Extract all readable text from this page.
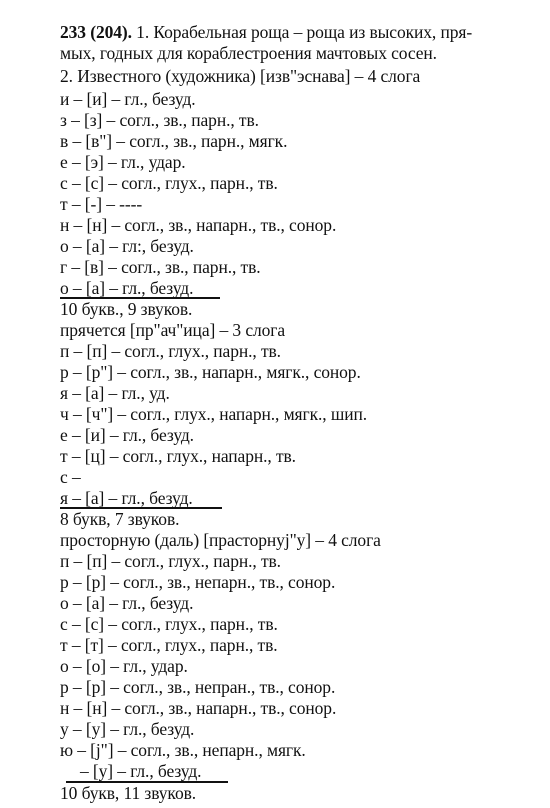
233 (204). 1. Корабельная роща – роща из высоких, пря-
мых, годных для кораблестроения мачтовых сосен.
2. Известного (художника) [изв"эснава] – 4 слога
и – [и] – гл., безуд.
з – [з] – согл., зв., парн., тв.
в – [в"] – согл., зв., парн., мягк.
е – [э] – гл., удар.
с – [с] – согл., глух., парн., тв.
т – [-] – ----
н – [н] – согл., зв., напарн., тв., сонор.
о – [а] – гл:, безуд.
г – [в] – согл., зв., парн., тв.
о – [а] – гл., безуд.
10 букв., 9 звуков.
прячется [пр"ач"ица] – 3 слога
п – [п] – согл., глух., парн., тв.
р – [р"] – согл., зв., напарн., мягк., сонор.
я – [а] – гл., уд.
ч – [ч"] – согл., глух., напарн., мягк., шип.
е – [и] – гл., безуд.
т – [ц] – согл., глух., напарн., тв.
с –
я – [а] – гл., безуд.
8 букв, 7 звуков.
просторную (даль) [прасторнуj"у] – 4 слога
п – [п] – согл., глух., парн., тв.
р – [р] – согл., зв., непарн., тв., сонор.
о – [а] – гл., безуд.
с – [с] – согл., глух., парн., тв.
т – [т] – согл., глух., парн., тв.
о – [о] – гл., удар.
р – [р] – согл., зв., непран., тв., сонор.
н – [н] – согл., зв., напарн., тв., сонор.
у – [у] – гл., безуд.
ю – [j"] – согл., зв., непарн., мягк.
– [у] – гл., безуд.
10 букв, 11 звуков.
